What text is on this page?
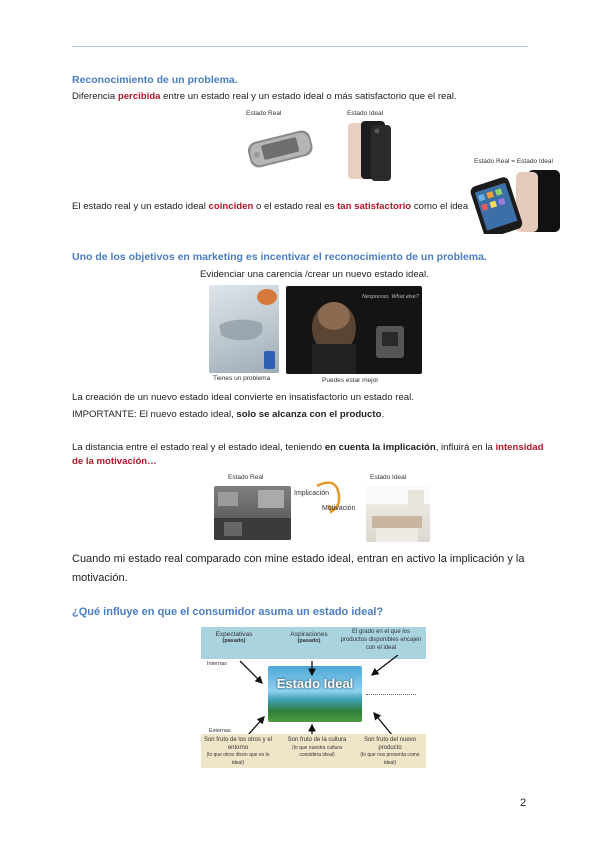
Reconocimiento de un problema.
Diferencia percibida entre un estado real y un estado ideal o más satisfactorio que el real.
Estado Real	Estado Ideal
Estado Real = Estado Ideal
El estado real y un estado ideal coinciden o el estado real es tan satisfactorio como el idea
Uno de los objetivos en marketing es incentivar el reconocimiento de un problema.
Evidenciar una carencia /crear un nuevo estado ideal.
Nespresso. What else?
Tienes un problema	Puedes estar mejor
La creación de un nuevo estado ideal convierte en insatisfactorio un estado real.
IMPORTANTE: El nuevo estado ideal, solo se alcanza con el producto.
La distancia entre el estado real y el estado ideal, teniendo en cuenta la implicación, influirá en la intensidad
de la motivación…
Estado Real
Implicación
Motivación
Estado Ideal
Cuando mi estado real comparado con mine estado ideal, entran en activo la implicación y la motivación.
¿Qué influye en que el consumidor asuma un estado ideal?
Expectativas
(pasado)
Aspiraciones
(pasado)
El grado en el que los productos disponibles encajen con el ideal
Internas
Estado Ideal
Externas
Son fruto de los otros y el entorno
(lo que otros dicen que es lo ideal)
Son fruto de la cultura
(lo que nuestra cultura considera ideal)
Son fruto del nuevo producto
(lo que nos presenta como ideal)
2
